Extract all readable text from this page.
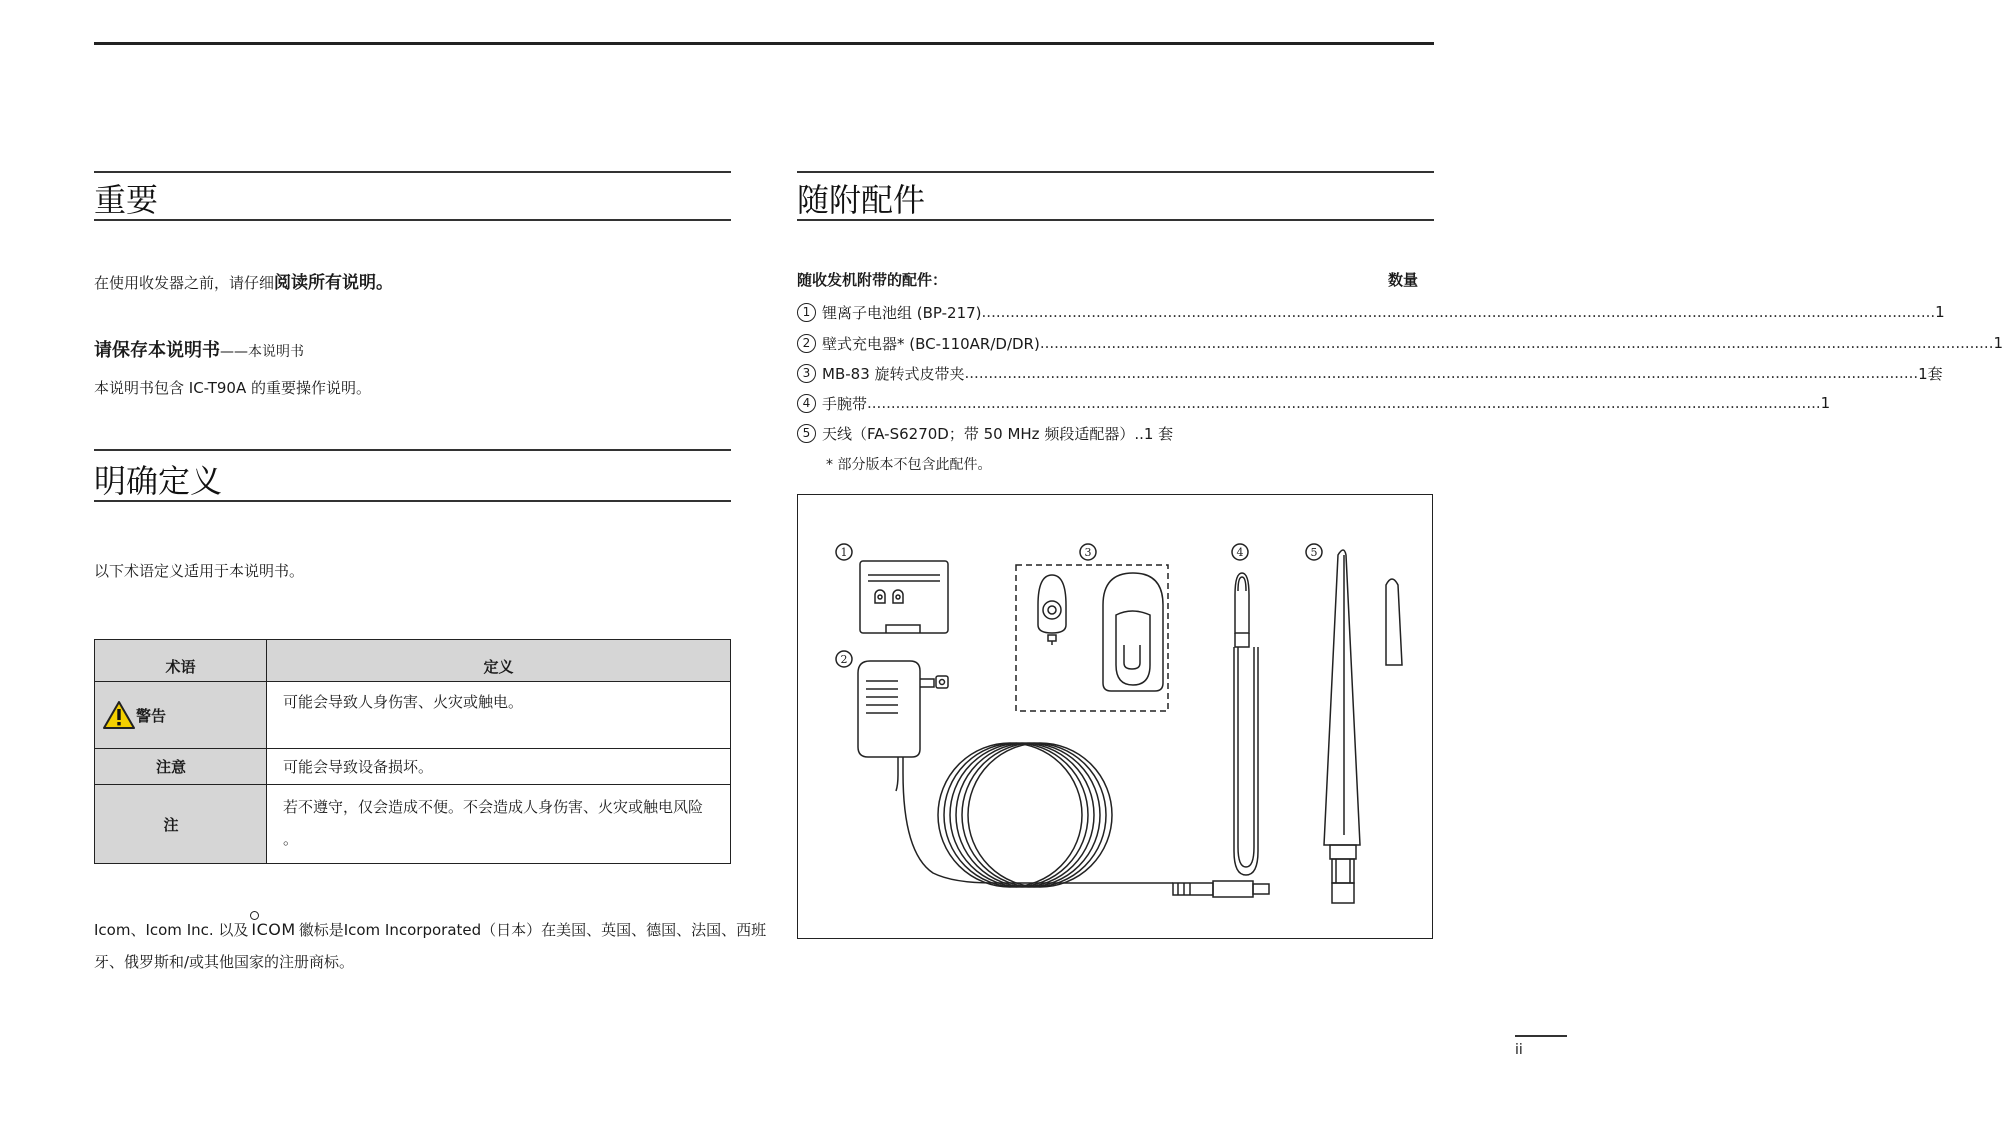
重要
在使用收发器之前，请仔细阅读所有说明。
请保存本说明书——本说明书
本说明书包含 IC-T90A 的重要操作说明。
明确定义
以下术语定义适用于本说明书。
术语	定义

警告	可能会导致人身伤害、火灾或触电。
注意	可能会导致设备损坏。
注	若不遵守，仅会造成不便。不会造成人身伤害、火灾或触电风险
。
Icom、Icom Inc. 以及 ICOM 徽标是Icom Incorporated（日本）在美国、英国、德国、法国、西班
牙、俄罗斯和/或其他国家的注册商标。
随附配件
随收发机附带的配件：	数量
1 锂离子电池组 (BP-217) ........................................................................................................................................................................................................ 1
2 壁式充电器* (BC-110AR/D/DR) ........................................................................................................................................................................................................ 1
3 MB-83 旋转式皮带夹 ........................................................................................................................................................................................................ 1套
4 手腕带 ........................................................................................................................................................................................................ 1
5 天线（FA-S6270D；带 50 MHz 频段适配器）.. 1 套
* 部分版本不包含此配件。
1
2
3	4	5
ii
